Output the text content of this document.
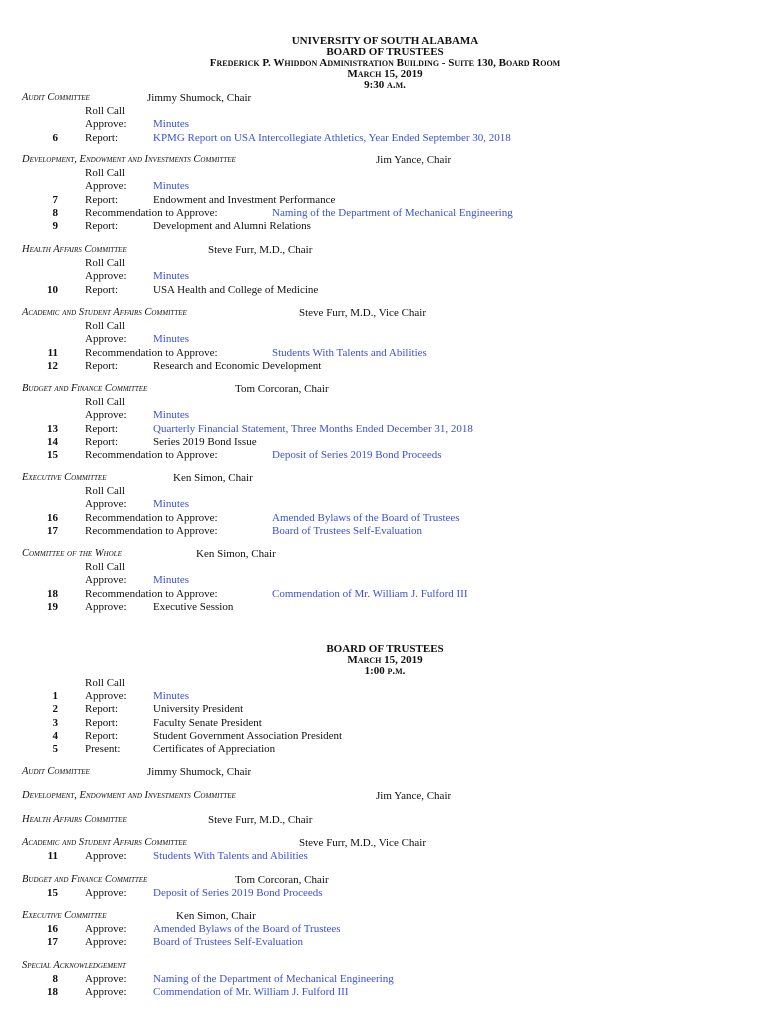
UNIVERSITY OF SOUTH ALABAMA
BOARD OF TRUSTEES
Frederick P. Whiddon Administration Building - Suite 130, Board Room
March 15, 2019
9:30 a.m.
Audit Committee	Jimmy Shumock, Chair
Roll Call
Approve: Minutes
6 Report:	KPMG Report on USA Intercollegiate Athletics, Year Ended September 30, 2018
Development, Endowment and Investments Committee	Jim Yance, Chair
Roll Call
Approve: Minutes
7 Report:	Endowment and Investment Performance
8 Recommendation to Approve:	Naming of the Department of Mechanical Engineering
9 Report:	Development and Alumni Relations
Health Affairs Committee	Steve Furr, M.D., Chair
Roll Call
Approve: Minutes
10 Report:	USA Health and College of Medicine
Academic and Student Affairs Committee	Steve Furr, M.D., Vice Chair
Roll Call
Approve: Minutes
11 Recommendation to Approve:	Students With Talents and Abilities
12 Report:	Research and Economic Development
Budget and Finance Committee	Tom Corcoran, Chair
Roll Call
Approve: Minutes
13 Report:	Quarterly Financial Statement, Three Months Ended December 31, 2018
14 Report:	Series 2019 Bond Issue
15 Recommendation to Approve:	Deposit of Series 2019 Bond Proceeds
Executive Committee	Ken Simon, Chair
Roll Call
Approve: Minutes
16 Recommendation to Approve:	Amended Bylaws of the Board of Trustees
17 Recommendation to Approve:	Board of Trustees Self-Evaluation
Committee of the Whole	Ken Simon, Chair
Roll Call
Approve: Minutes
18 Recommendation to Approve:	Commendation of Mr. William J. Fulford III
19 Approve: Executive Session
BOARD OF TRUSTEES
March 15, 2019
1:00 p.m.
Roll Call
1 Approve: Minutes
2 Report:	University President
3 Report:	Faculty Senate President
4 Report:	Student Government Association President
5 Present:	Certificates of Appreciation
Audit Committee	Jimmy Shumock, Chair
Development, Endowment and Investments Committee	Jim Yance, Chair
Health Affairs Committee	Steve Furr, M.D., Chair
Academic and Student Affairs Committee	Steve Furr, M.D., Vice Chair
11 Approve: Students With Talents and Abilities
Budget and Finance Committee	Tom Corcoran, Chair
15 Approve: Deposit of Series 2019 Bond Proceeds
Executive Committee	Ken Simon, Chair
16 Approve: Amended Bylaws of the Board of Trustees
17 Approve: Board of Trustees Self-Evaluation
Special Acknowledgement
8 Approve: Naming of the Department of Mechanical Engineering
18 Approve: Commendation of Mr. William J. Fulford III
